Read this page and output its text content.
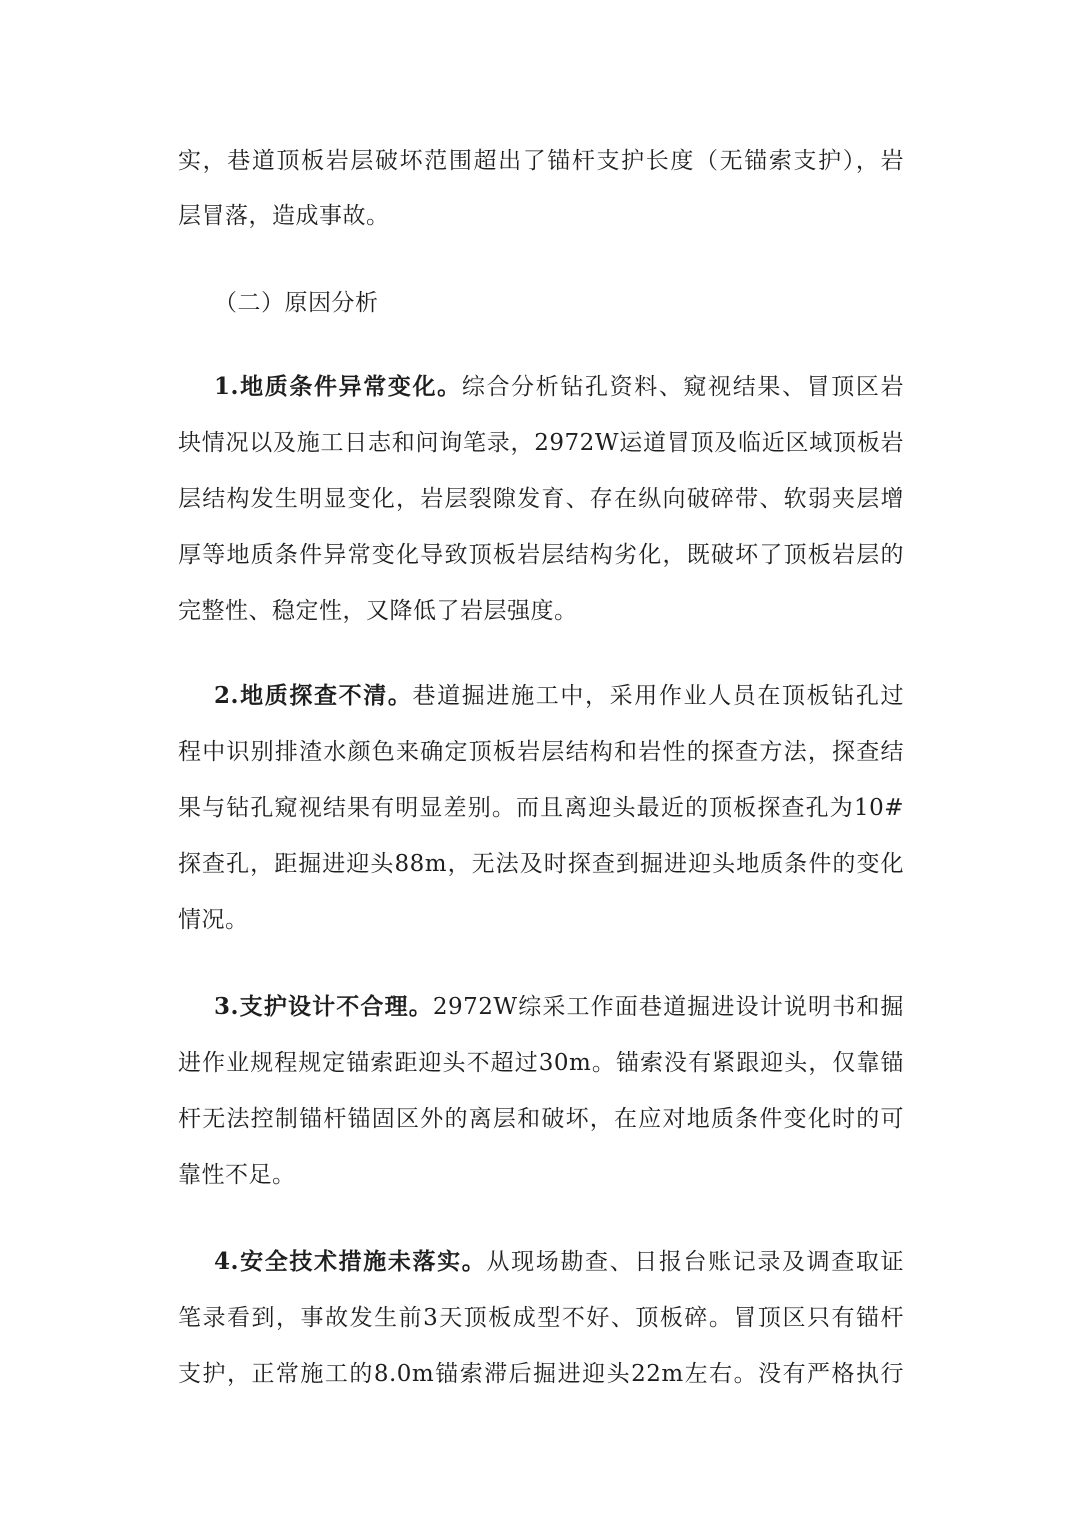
实，巷道顶板岩层破坏范围超出了锚杆支护长度（无锚索支护），岩
层冒落，造成事故。
（二）原因分析
1.地质条件异常变化。综合分析钻孔资料、窥视结果、冒顶区岩
块情况以及施工日志和问询笔录，2972W运道冒顶及临近区域顶板岩
层结构发生明显变化，岩层裂隙发育、存在纵向破碎带、软弱夹层增
厚等地质条件异常变化导致顶板岩层结构劣化，既破坏了顶板岩层的
完整性、稳定性，又降低了岩层强度。
2.地质探查不清。巷道掘进施工中，采用作业人员在顶板钻孔过
程中识别排渣水颜色来确定顶板岩层结构和岩性的探查方法，探查结
果与钻孔窥视结果有明显差别。而且离迎头最近的顶板探查孔为10#
探查孔，距掘进迎头88m，无法及时探查到掘进迎头地质条件的变化
情况。
3.支护设计不合理。2972W综采工作面巷道掘进设计说明书和掘
进作业规程规定锚索距迎头不超过30m。锚索没有紧跟迎头，仅靠锚
杆无法控制锚杆锚固区外的离层和破坏，在应对地质条件变化时的可
靠性不足。
4.安全技术措施未落实。从现场勘查、日报台账记录及调查取证
笔录看到，事故发生前3天顶板成型不好、顶板碎。冒顶区只有锚杆
支护，正常施工的8.0m锚索滞后掘进迎头22m左右。没有严格执行
